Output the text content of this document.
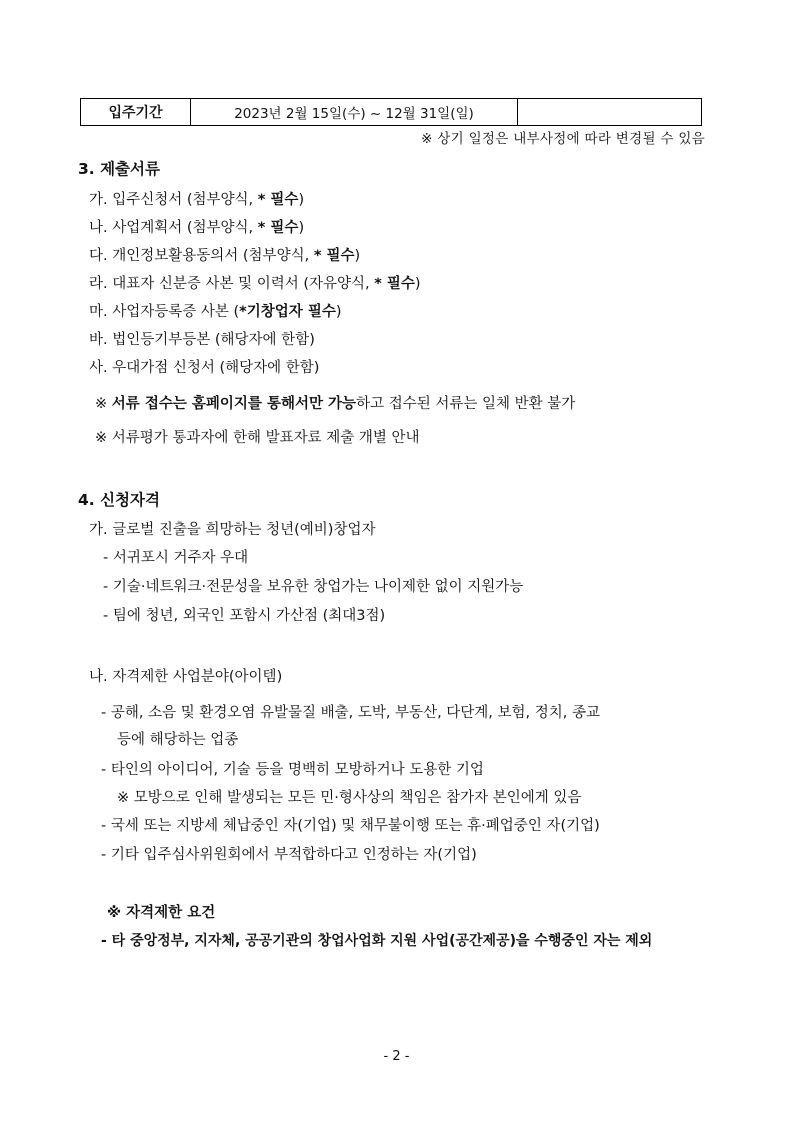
입주기간	2023년 2월 15일(수) ~ 12월 31일(일)
※ 상기 일정은 내부사정에 따라 변경될 수 있음
3. 제출서류
가. 입주신청서 (첨부양식, * 필수)
나. 사업계획서 (첨부양식, * 필수)
다. 개인정보활용동의서 (첨부양식, * 필수)
라. 대표자 신분증 사본 및 이력서 (자유양식, * 필수)
마. 사업자등록증 사본 (*기창업자 필수)
바. 법인등기부등본 (해당자에 한함)
사. 우대가점 신청서 (해당자에 한함)
※ 서류 접수는 홈페이지를 통해서만 가능하고 접수된 서류는 일체 반환 불가
※ 서류평가 통과자에 한해 발표자료 제출 개별 안내
4. 신청자격
가. 글로벌 진출을 희망하는 청년(예비)창업자
- 서귀포시 거주자 우대
- 기술·네트워크·전문성을 보유한 창업가는 나이제한 없이 지원가능
- 팀에 청년, 외국인 포함시 가산점 (최대3점)
나. 자격제한 사업분야(아이템)
- 공해, 소음 및 환경오염 유발물질 배출, 도박, 부동산, 다단계, 보험, 정치, 종교
등에 해당하는 업종
- 타인의 아이디어, 기술 등을 명백히 모방하거나 도용한 기업
※ 모방으로 인해 발생되는 모든 민·형사상의 책임은 참가자 본인에게 있음
- 국세 또는 지방세 체납중인 자(기업) 및 채무불이행 또는 휴·폐업중인 자(기업)
- 기타 입주심사위원회에서 부적합하다고 인정하는 자(기업)
※ 자격제한 요건
- 타 중앙정부, 지자체, 공공기관의 창업사업화 지원 사업(공간제공)을 수행중인 자는 제외
- 2 -
